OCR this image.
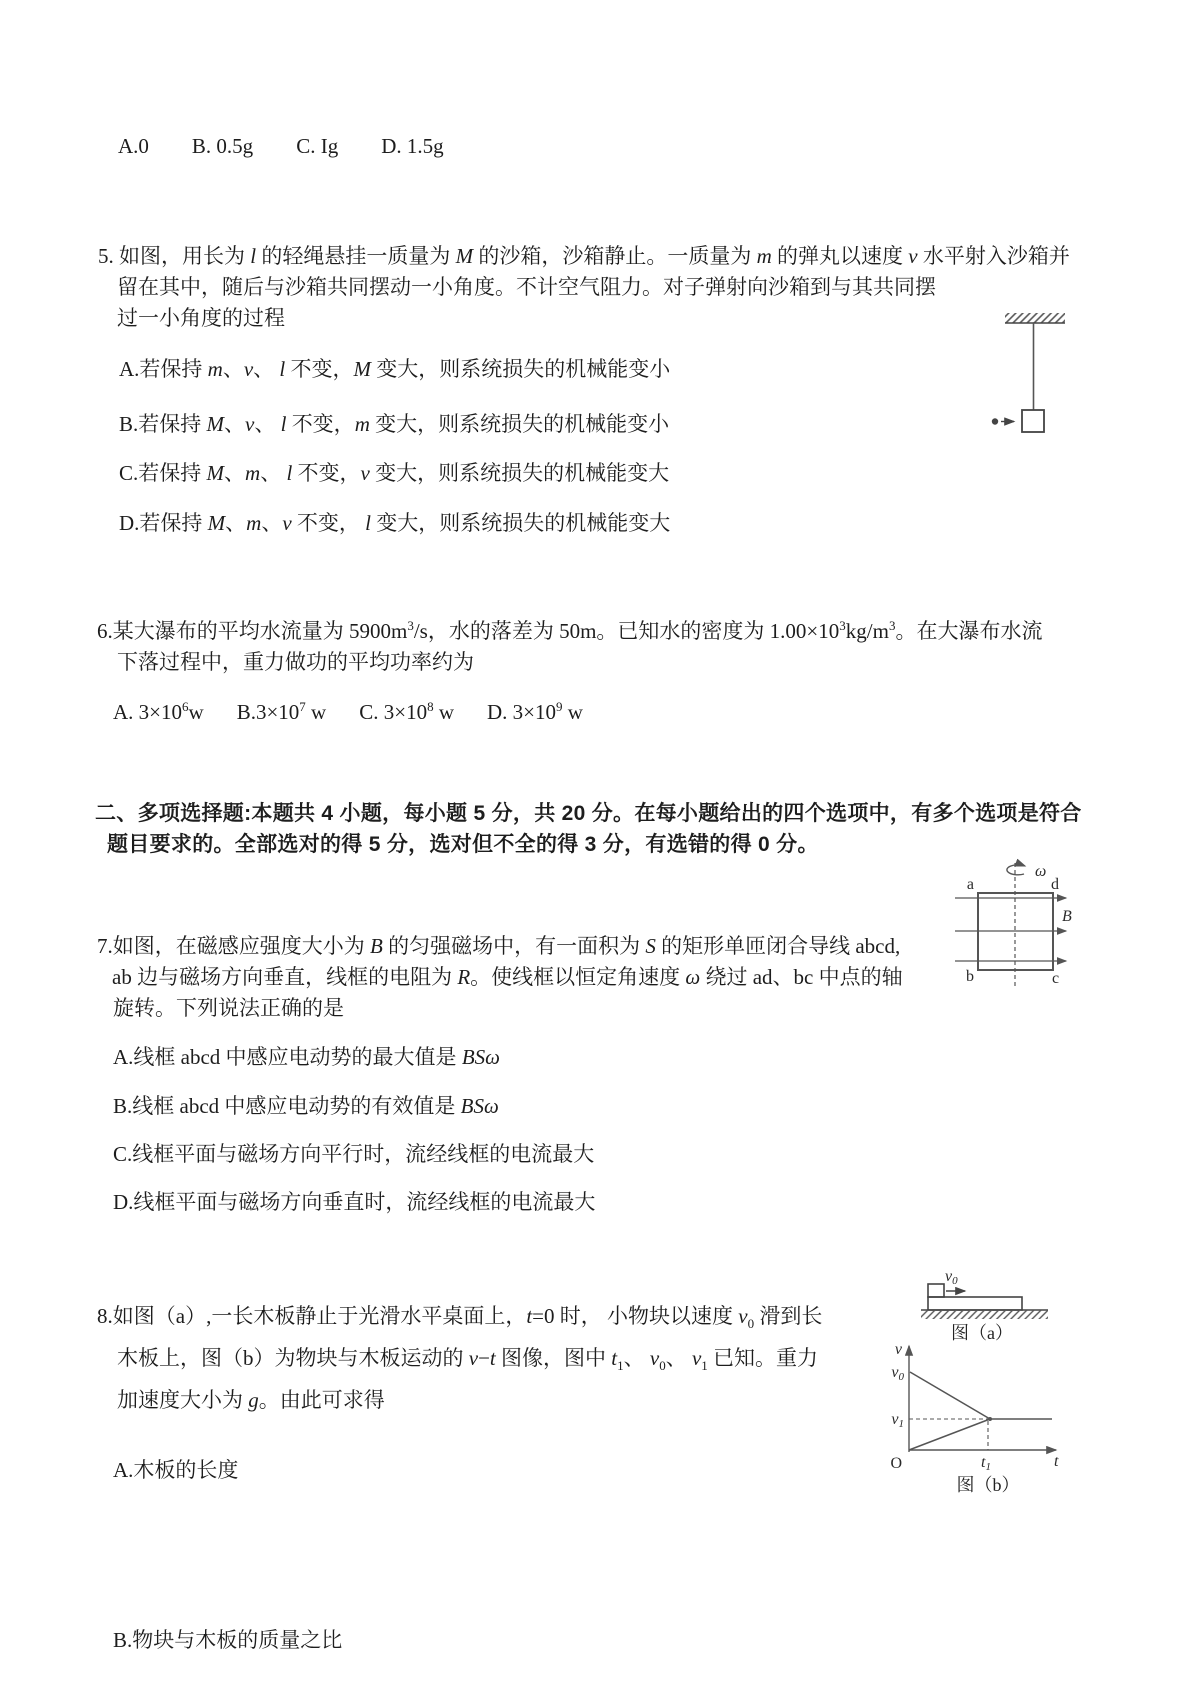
A.0 B. 0.5g C. Ig D. 1.5g
5. 如图，用长为 l 的轻绳悬挂一质量为 M 的沙箱，沙箱静止。一质量为 m 的弹丸以速度 v 水平射入沙箱并
留在其中，随后与沙箱共同摆动一小角度。不计空气阻力。对子弹射向沙箱到与其共同摆
过一小角度的过程
A.若保持 m、v、 l 不变，M 变大，则系统损失的机械能变小
B.若保持 M、v、 l 不变，m 变大，则系统损失的机械能变小
C.若保持 M、m、 l 不变，v 变大，则系统损失的机械能变大
D.若保持 M、m、v 不变， l 变大，则系统损失的机械能变大
6.某大瀑布的平均水流量为 $5900m^3/s$，水的落差为 50m。已知水的密度为 $1.00\times 10^3kg/m^3$。在大瀑布水流
下落过程中，重力做功的平均功率约为
A. $3\times 10^6w$ $B.3\times 10^7$ w C. $3\times 10^8$ w D. $3\times 10^9$ w
二、多项选择题:本题共 4 小题，每小题 5 分，共 20 分。在每小题给出的四个选项中，有多个选项是符合
题目要求的。全部选对的得 5 分，选对但不全的得 3 分，有选错的得 0 分。
7.如图，在磁感应强度大小为 B 的匀强磁场中，有一面积为 S 的矩形单匝闭合导线 abcd,
ab 边与磁场方向垂直，线框的电阻为 R。使线框以恒定角速度 ω 绕过 ad、bc 中点的轴
旋转。下列说法正确的是
A.线框 abcd 中感应电动势的最大值是 BSω
B.线框 abcd 中感应电动势的有效值是 BSω
C.线框平面与磁场方向平行时，流经线框的电流最大
D.线框平面与磁场方向垂直时，流经线框的电流最大
ω
B
a	d
b	c
8.如图（a）,一长木板静止于光滑水平桌面上，t=0 时， 小物块以速度 $v_0$ 滑到长
木板上，图（b）为物块与木板运动的 v−t 图像，图中 $t_1$、 $v_0$、 $v_1$ 已知。重力
加速度大小为 g。由此可求得
A.木板的长度
B.物块与木板的质量之比
v0
图（a）
v
v0
v1
O	t1	t
图（b）
